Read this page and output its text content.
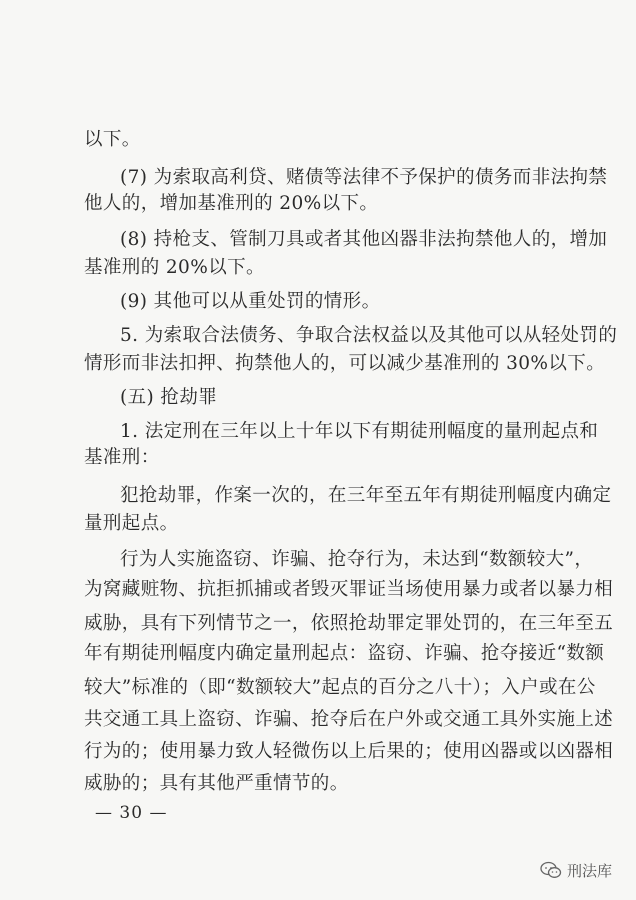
以下。
(7) 为索取高利贷、赌债等法律不予保护的债务而非法拘禁
他人的，增加基准刑的 20%以下。
(8) 持枪支、管制刀具或者其他凶器非法拘禁他人的，增加
基准刑的 20%以下。
(9) 其他可以从重处罚的情形。
5. 为索取合法债务、争取合法权益以及其他可以从轻处罚的
情形而非法扣押、拘禁他人的，可以减少基准刑的 30%以下。
(五) 抢劫罪
1. 法定刑在三年以上十年以下有期徒刑幅度的量刑起点和
基准刑：
犯抢劫罪，作案一次的，在三年至五年有期徒刑幅度内确定
量刑起点。
行为人实施盗窃、诈骗、抢夺行为，未达到“数额较大”，
为窝藏赃物、抗拒抓捕或者毁灭罪证当场使用暴力或者以暴力相
威胁，具有下列情节之一，依照抢劫罪定罪处罚的，在三年至五
年有期徒刑幅度内确定量刑起点：盗窃、诈骗、抢夺接近“数额
较大”标准的（即“数额较大”起点的百分之八十）；入户或在公
共交通工具上盗窃、诈骗、抢夺后在户外或交通工具外实施上述
行为的；使用暴力致人轻微伤以上后果的；使用凶器或以凶器相
威胁的；具有其他严重情节的。
— 30 —
刑法库
